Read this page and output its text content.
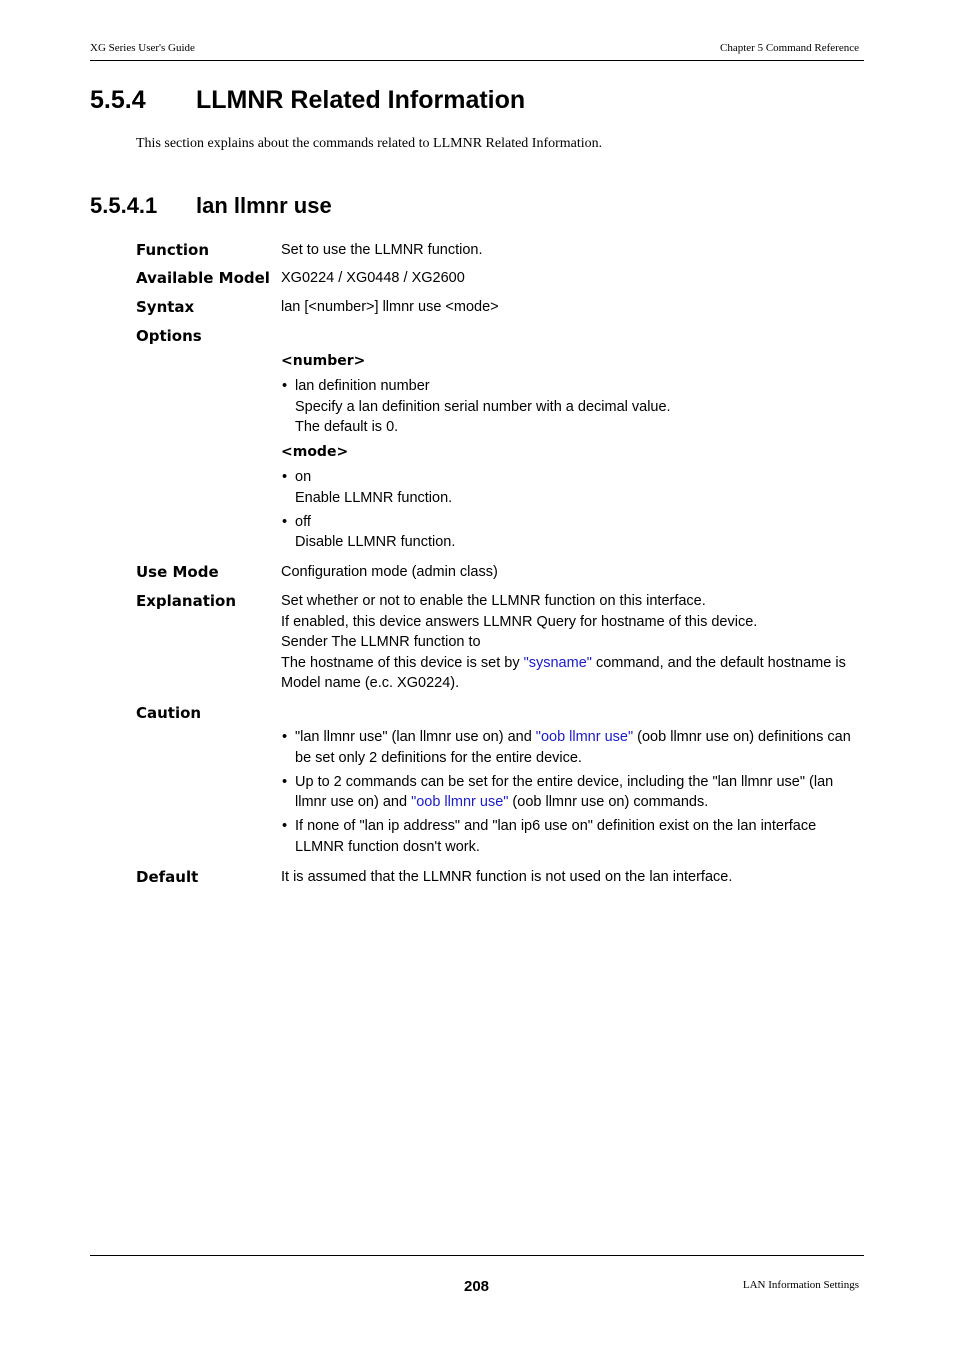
XG Series User's Guide	Chapter 5 Command Reference
5.5.4 LLMNR Related Information
This section explains about the commands related to LLMNR Related Information.
5.5.4.1 lan llmnr use
Function	Set to use the LLMNR function.
Available Model XG0224 / XG0448 / XG2600
Syntax	lan [<number>] llmnr use <mode>
Options
<number>
• lan definition number
Specify a lan definition serial number with a decimal value.
The default is 0.
<mode>
• on
Enable LLMNR function.
• off
Disable LLMNR function.
Use Mode	Configuration mode (admin class)
Explanation	Set whether or not to enable the LLMNR function on this interface.
If enabled, this device answers LLMNR Query for hostname of this device.
Sender The LLMNR function to
The hostname of this device is set by "sysname" command, and the default hostname is
Model name (e.c. XG0224).
Caution
• "lan llmnr use" (lan llmnr use on) and "oob llmnr use" (oob llmnr use on) definitions can be set only 2 definitions for the entire device.
• Up to 2 commands can be set for the entire device, including the "lan llmnr use" (lan llmnr use on) and "oob llmnr use" (oob llmnr use on) commands.
• If none of "lan ip address" and "lan ip6 use on" definition exist on the lan interface LLMNR function dosn't work.
Default	It is assumed that the LLMNR function is not used on the lan interface.
208	LAN Information Settings
